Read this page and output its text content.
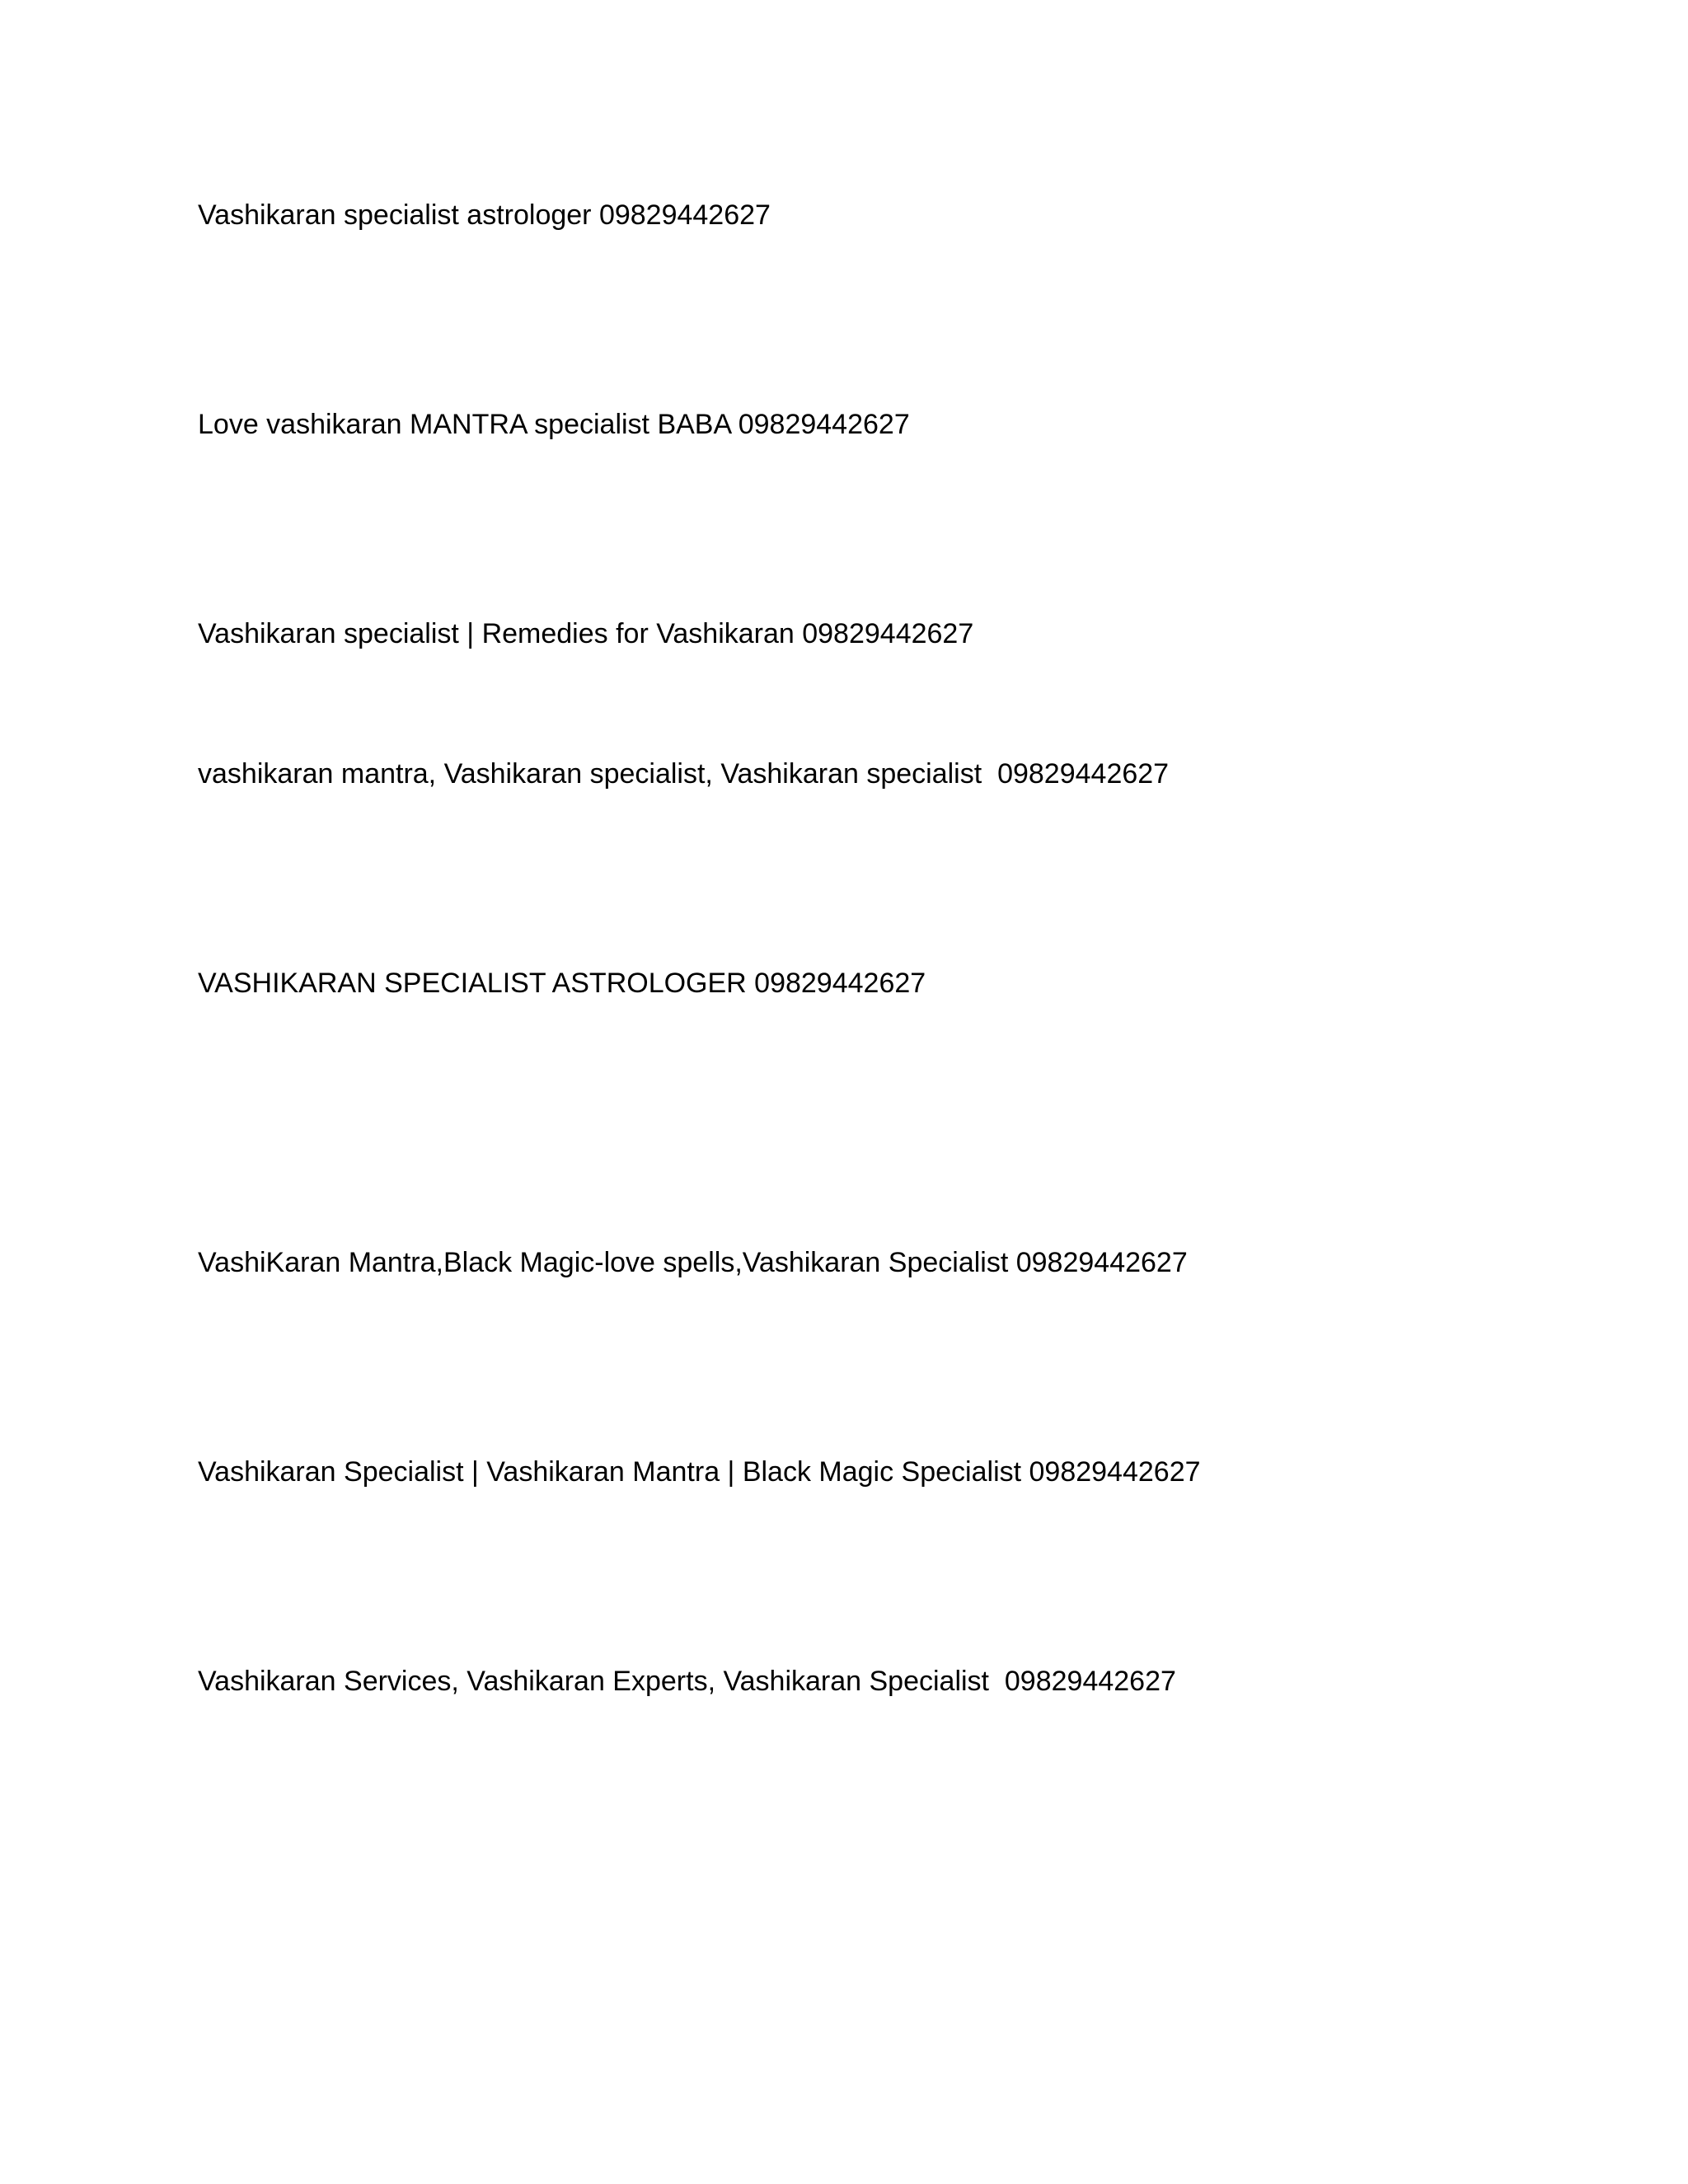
Vashikaran specialist astrologer 09829442627

Love vashikaran MANTRA specialist BABA 09829442627

Vashikaran specialist | Remedies for Vashikaran 09829442627

vashikaran mantra, Vashikaran specialist, Vashikaran specialist  09829442627

VASHIKARAN SPECIALIST ASTROLOGER 09829442627

VashiKaran Mantra,Black Magic-love spells,Vashikaran Specialist 09829442627

Vashikaran Specialist | Vashikaran Mantra | Black Magic Specialist 09829442627

Vashikaran Services, Vashikaran Experts, Vashikaran Specialist  09829442627
